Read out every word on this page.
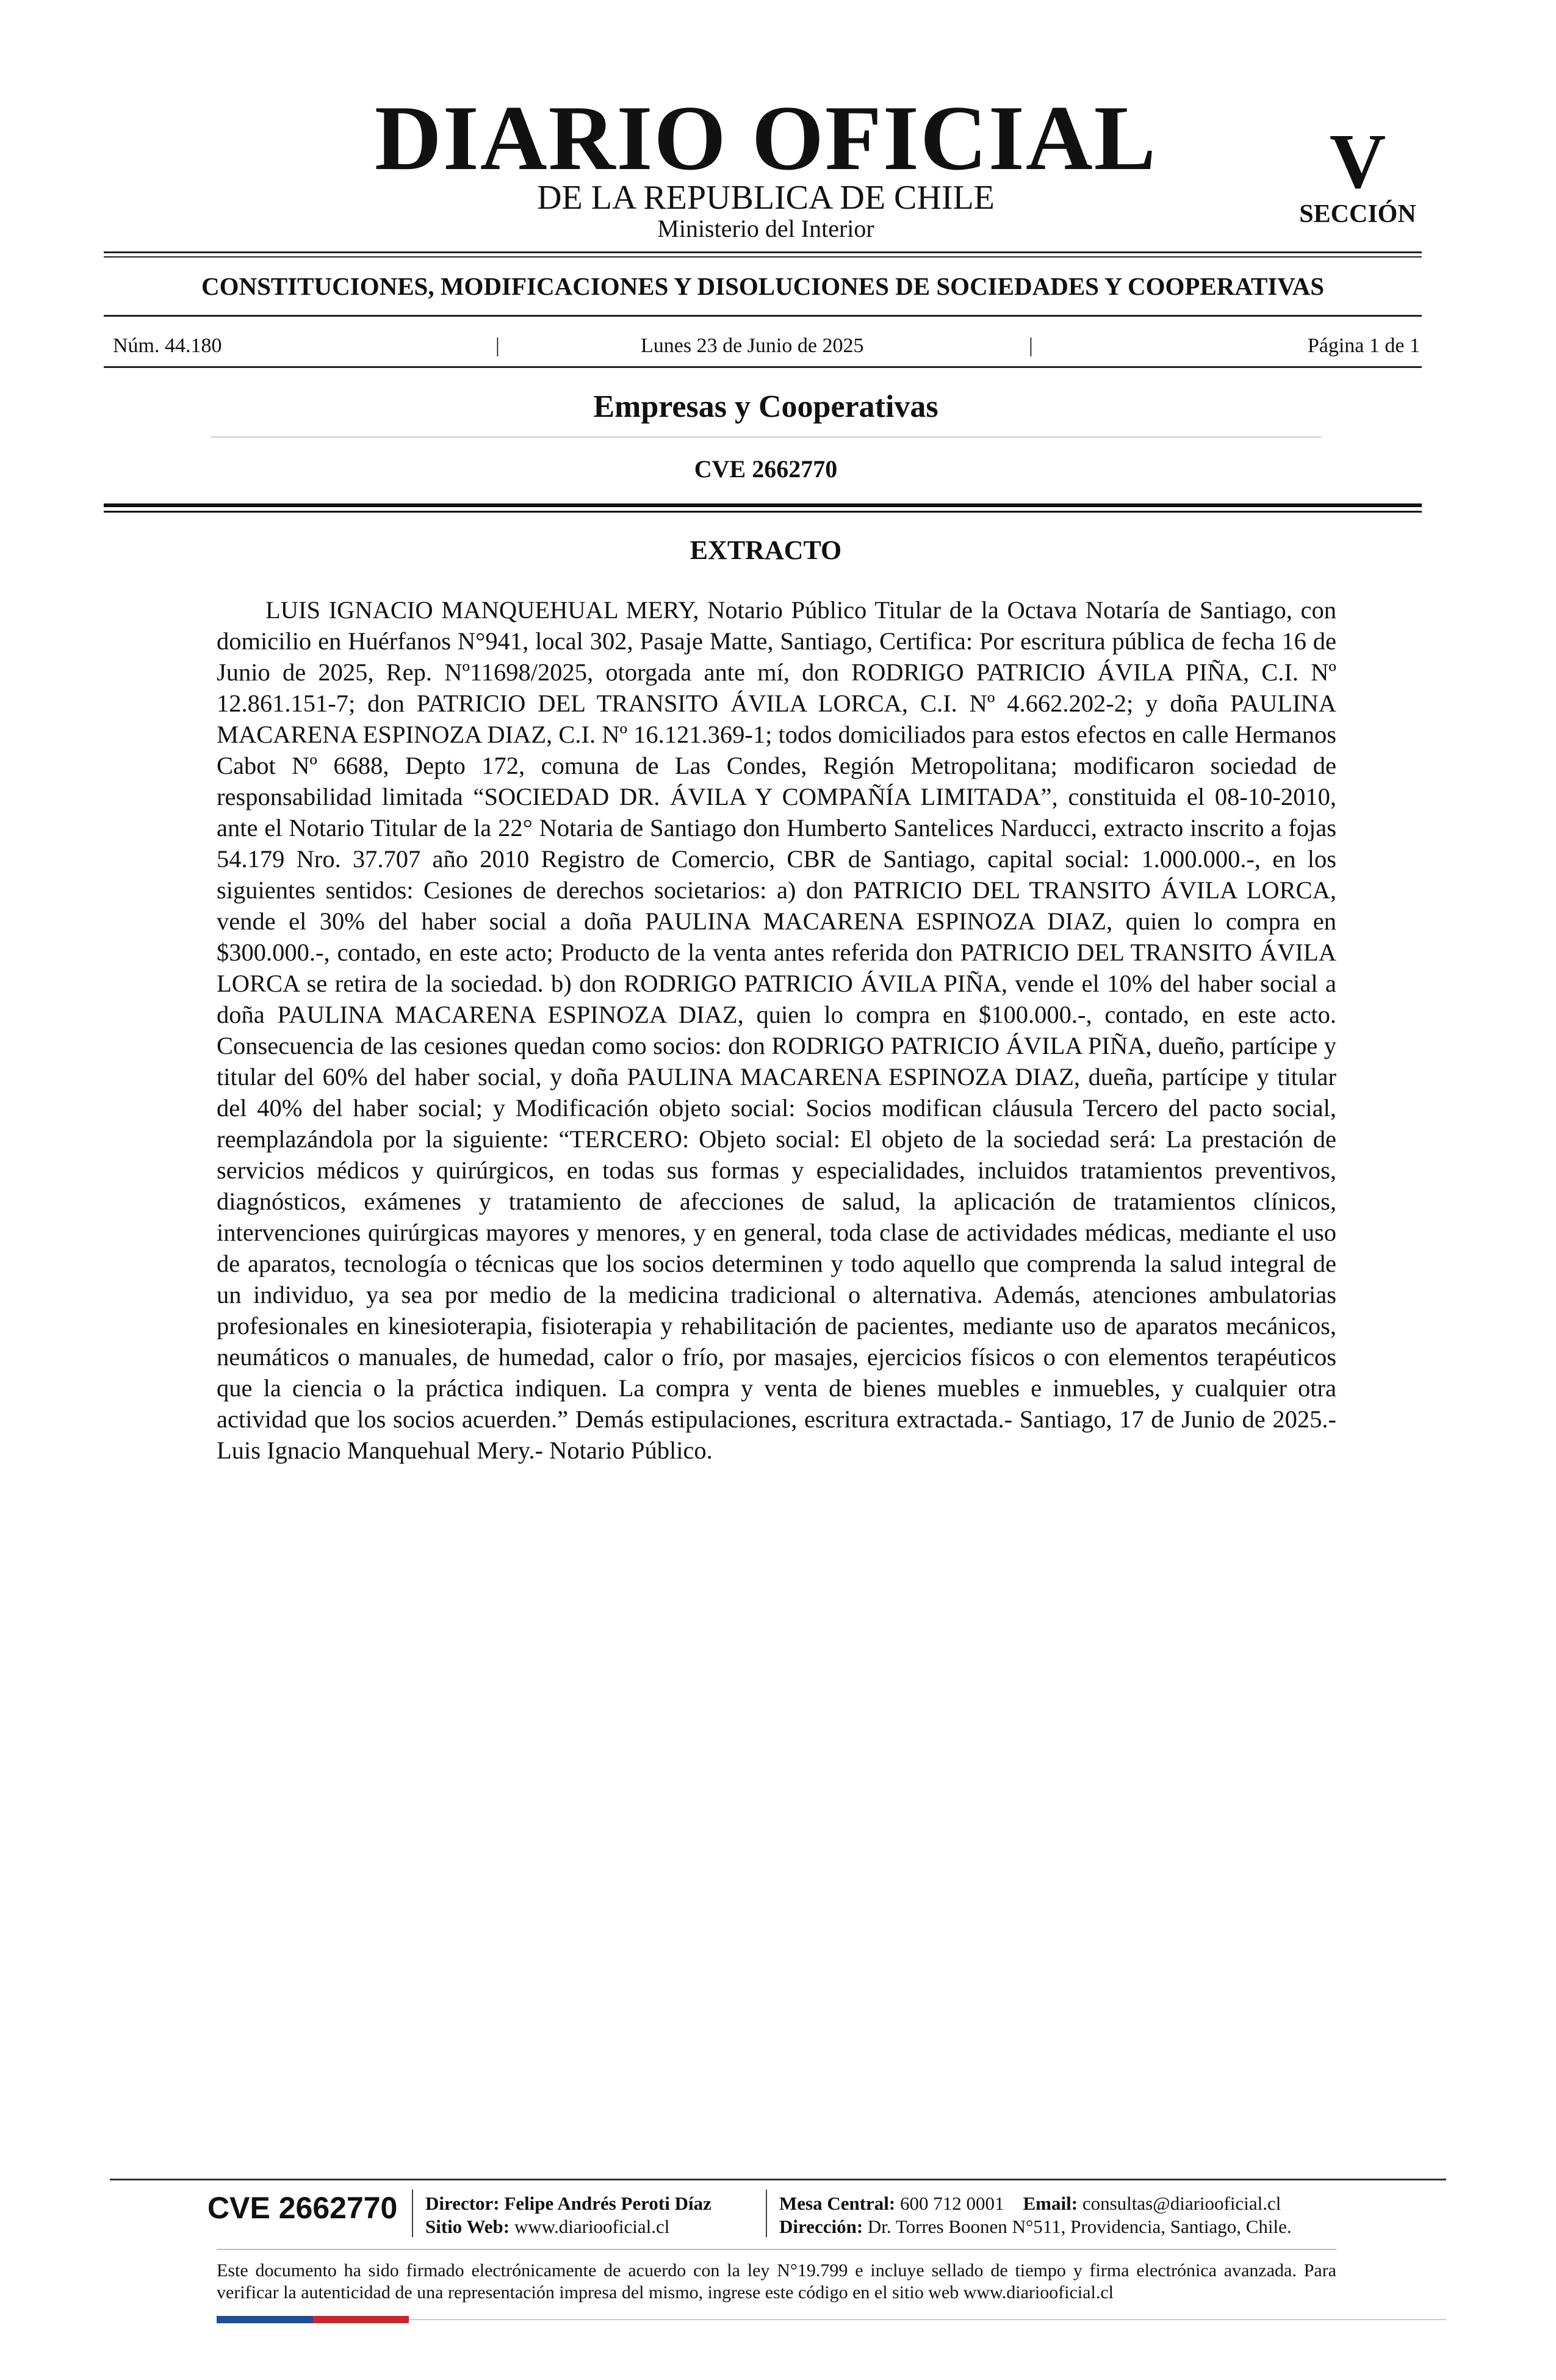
DIARIO OFICIAL
DE LA REPUBLICA DE CHILE
Ministerio del Interior
V
SECCIÓN
CONSTITUCIONES, MODIFICACIONES Y DISOLUCIONES DE SOCIEDADES Y COOPERATIVAS
Núm. 44.180	|	Lunes 23 de Junio de 2025	|	Página 1 de 1
Empresas y Cooperativas
CVE 2662770
EXTRACTO

LUIS IGNACIO MANQUEHUAL MERY, Notario Público Titular de la Octava Notaría de Santiago, con domicilio en Huérfanos N°941, local 302, Pasaje Matte, Santiago, Certifica: Por escritura pública de fecha 16 de Junio de 2025, Rep. Nº11698/2025, otorgada ante mí, don RODRIGO PATRICIO ÁVILA PIÑA, C.I. Nº 12.861.151-7; don PATRICIO DEL TRANSITO ÁVILA LORCA, C.I. Nº 4.662.202-2; y doña PAULINA MACARENA ESPINOZA DIAZ, C.I. Nº 16.121.369-1; todos domiciliados para estos efectos en calle Hermanos Cabot Nº 6688, Depto 172, comuna de Las Condes, Región Metropolitana; modificaron sociedad de responsabilidad limitada “SOCIEDAD DR. ÁVILA Y COMPAÑÍA LIMITADA”, constituida el 08-10-2010, ante el Notario Titular de la 22° Notaria de Santiago don Humberto Santelices Narducci, extracto inscrito a fojas 54.179 Nro. 37.707 año 2010 Registro de Comercio, CBR de Santiago, capital social: 1.000.000.-, en los siguientes sentidos: Cesiones de derechos societarios: a) don PATRICIO DEL TRANSITO ÁVILA LORCA, vende el 30% del haber social a doña PAULINA MACARENA ESPINOZA DIAZ, quien lo compra en $300.000.-, contado, en este acto; Producto de la venta antes referida don PATRICIO DEL TRANSITO ÁVILA LORCA se retira de la sociedad. b) don RODRIGO PATRICIO ÁVILA PIÑA, vende el 10% del haber social a doña PAULINA MACARENA ESPINOZA DIAZ, quien lo compra en $100.000.-, contado, en este acto. Consecuencia de las cesiones quedan como socios: don RODRIGO PATRICIO ÁVILA PIÑA, dueño, partícipe y titular del 60% del haber social, y doña PAULINA MACARENA ESPINOZA DIAZ, dueña, partícipe y titular del 40% del haber social; y Modificación objeto social: Socios modifican cláusula Tercero del pacto social, reemplazándola por la siguiente: “TERCERO: Objeto social: El objeto de la sociedad será: La prestación de servicios médicos y quirúrgicos, en todas sus formas y especialidades, incluidos tratamientos preventivos, diagnósticos, exámenes y tratamiento de afecciones de salud, la aplicación de tratamientos clínicos, intervenciones quirúrgicas mayores y menores, y en general, toda clase de actividades médicas, mediante el uso de aparatos, tecnología o técnicas que los socios determinen y todo aquello que comprenda la salud integral de un individuo, ya sea por medio de la medicina tradicional o alternativa. Además, atenciones ambulatorias profesionales en kinesioterapia, fisioterapia y rehabilitación de pacientes, mediante uso de aparatos mecánicos, neumáticos o manuales, de humedad, calor o frío, por masajes, ejercicios físicos o con elementos terapéuticos que la ciencia o la práctica indiquen. La compra y venta de bienes muebles e inmuebles, y cualquier otra actividad que los socios acuerden.” Demás estipulaciones, escritura extractada.- Santiago, 17 de Junio de 2025.- Luis Ignacio Manquehual Mery.- Notario Público.

CVE 2662770 Director: Felipe Andrés Peroti Díaz
Sitio Web: www.diariooficial.cl
Mesa Central: 600 712 0001 Email: consultas@diariooficial.cl
Dirección: Dr. Torres Boonen N°511, Providencia, Santiago, Chile.

Este documento ha sido firmado electrónicamente de acuerdo con la ley N°19.799 e incluye sellado de tiempo y firma electrónica avanzada. Para verificar la autenticidad de una representación impresa del mismo, ingrese este código en el sitio web www.diariooficial.cl
